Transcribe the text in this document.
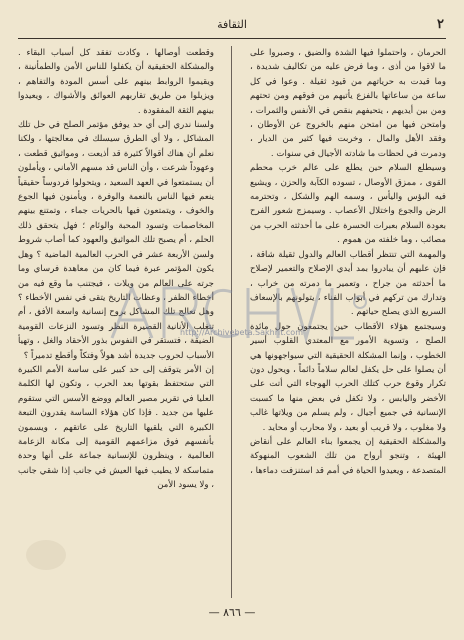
٢
الثقافة

الحرمان ، واحتملوا فيها الشدة والضيق ، وصبروا على ما لاقوا من أذى ، وما فرض عليه من تكاليف شديدة ، وما قيدت به حرياتهم من قيود ثقيلة . وعوا في كل ساعة من ساعاتها بالفزع يأتيهم من فوقهم ومن تحتهم ومن بين أيديهم ، يتحيفهم بنقص في الأنفس والثمرات ، وامتحن فيها من امتحن منهم بالخروج عن الأوطان ، وفقد الأهل والمال ، وخربت فيها كثير من الديار ، ودمرت في لحظات ما شادته الأجيال في سنوات .

وسيطلع السلام حين يطلع على عالم خرب محطم القوى ، ممزق الأوصال ، تسوده الكآبة والحزن ، ويشيع فيه البؤس واليأس ، وسمه الهم والشكل ، وتحترمه الرض والجوع واختلال الأعصاب . وسيمزج شعور الفرح بعودة السلام بعبرات الحسرة على ما أحدثته الحرب من مصائب ، وما خلفته من هموم .

والمهمة التي تنتظر أقطاب العالم والدول ثقيلة شاقة ، فإن عليهم أن يبادروا بمد أيدي الإصلاح والتعمير لإصلاح ما أحدثته من جراح ، وتعمير ما دمرته من خراب ، وتدارك من تركهم في أبواب الفناء ، يتولونهم بالإسعاف السريع الذي يصلح حياتهم .

وسيجتمع هؤلاء الأقطاب حين يجتمعون حول مائدة الصلح ، وتسوية الأمور مع المعتدي القلوب أسير الخطوب ، وإنما المشكلة الحقيقية التي سيواجهونها هي أن يصلوا على حل يكفل لعالم سلاماً دائماً ، ويحول دون تكرار وقوع حرب كتلك الحرب الهوجاء التي أتت على الأخضر واليابس ، ولا تكفل في بعض منها ما كسبت الإنسانية في جميع أجيال ، ولم يسلم من ويلاتها غالب ولا مغلوب ، ولا قريب أو بعيد ، ولا محارب أو محايد .

والمشكلة الحقيقية إن يجمعوا بناء العالم على أنقاض الهيئة ، وتنجو أرواح من تلك الشعوب المنهوكة المتصدعة ، ويعيدوا الحياة في أمم قد استنزفت دماءها ،

وقطعت أوصالها ، وكادت تفقد كل أسباب البقاء . والمشكلة الحقيقية أن يكفلوا للناس الأمن والطمأنينة ، ويقيموا الروابط بينهم على أسس المودة والتفاهم ، ويزيلوا من طريق تقاربهم العوائق والأشواك ، ويعيدوا بينهم الثقة المفقودة .

ولسنا ندري إلى أي حد يوفق مؤتمر الصلح في حل تلك المشاكل ، ولا أي الطرق سيسلك في معالجتها ، ولكنا نعلم أن هناك أقوالاً كثيرة قد أذيعت ، ومواثيق قطعت ، وعهوداً شرعت ، وأن الناس قد مسهم الأماني ، ويأملون أن يستمتعوا في العهد السعيد ، ويتحولوا فردوساً حقيقياً ينعم فيها الناس بالنعمة والوفرة ، ويأمنون فيها الجوع والخوف ، ويتمتعون فيها بالحريات جماء ، وتمتنع بينهم المخاصمات وتسود المحبة والوئام ؛ فهل يتحقق ذلك الحلم ، أم يصبح تلك المواثيق والعهود كما أصاب شروط ولسن الأربعة عشر في الحرب العالمية الماضية ؟ وهل يكون المؤتمر عبرة فيما كان من معاهدة فرساي وما جرته على العالم من ويلات ، فيجتنب ما وقع فيه من أخطاء الظفر ، وعظات التاريخ يتقى في نفس الأخطاء ؟ وهل تعالج تلك المشاكل بروح إنسانية واسعة الأفق ، أم تتغلب الأنانية القصيرة النظر وتسود النزعات القومية الضيقة ، فتستقر في النفوس بذور الأحقاد والغل ، وتهيأ الأسباب لحروب جديدة أشد هولاً وفتكاً وأقطع تدميراً ؟

إن الأمر يتوقف إلى حد كبير على ساسة الأمم الكبيرة التي ستحتفظ بقوتها بعد الحرب ، وتكون لها الكلمة العليا في تقرير مصير العالم ووضع الأسس التي ستقوم عليها من جديد . فإذا كان هؤلاء الساسة يقدرون التبعة الكبيرة التي يلقيها التاريخ على عاتقهم ، ويسمون بأنفسهم فوق مزاعمهم القومية إلى مكانة الزعامة العالمية ، وينظرون للإنسانية جماعة على أنها وحدة متماسكة لا يطيب فيها العيش في جانب إذا شقي جانب ، ولا يسود الأمن

http://Archivebeta.Sakhrit.com
— ٨٦٦ —
